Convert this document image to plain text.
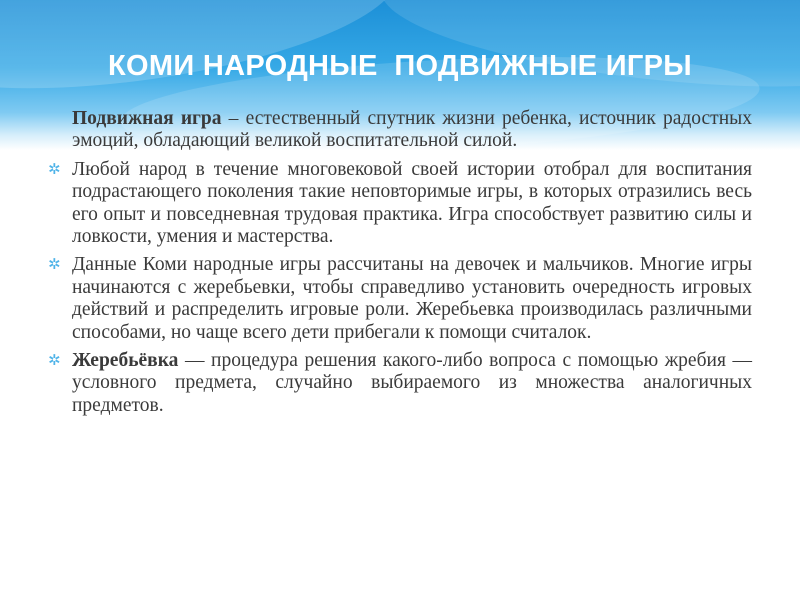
КОМИ НАРОДНЫЕ  ПОДВИЖНЫЕ ИГРЫ

Подвижная игра – естественный спутник жизни ребенка, источник радостных эмоций, обладающий великой воспитательной силой.

✲ Любой народ в течение многовековой своей истории отобрал для воспитания подрастающего поколения такие неповторимые игры, в которых отразились весь его опыт и повседневная трудовая практика. Игра способствует развитию силы и ловкости, умения и мастерства.

✲ Данные Коми народные игры рассчитаны на девочек и мальчиков. Многие игры начинаются с жеребьевки, чтобы справедливо установить очередность игровых действий и распределить игровые роли. Жеребьевка производилась различными способами, но чаще всего дети прибегали к помощи считалок.

✲ Жеребьёвка — процедура решения какого-либо вопроса с помощью жребия — условного предмета, случайно выбираемого из множества аналогичных предметов.
